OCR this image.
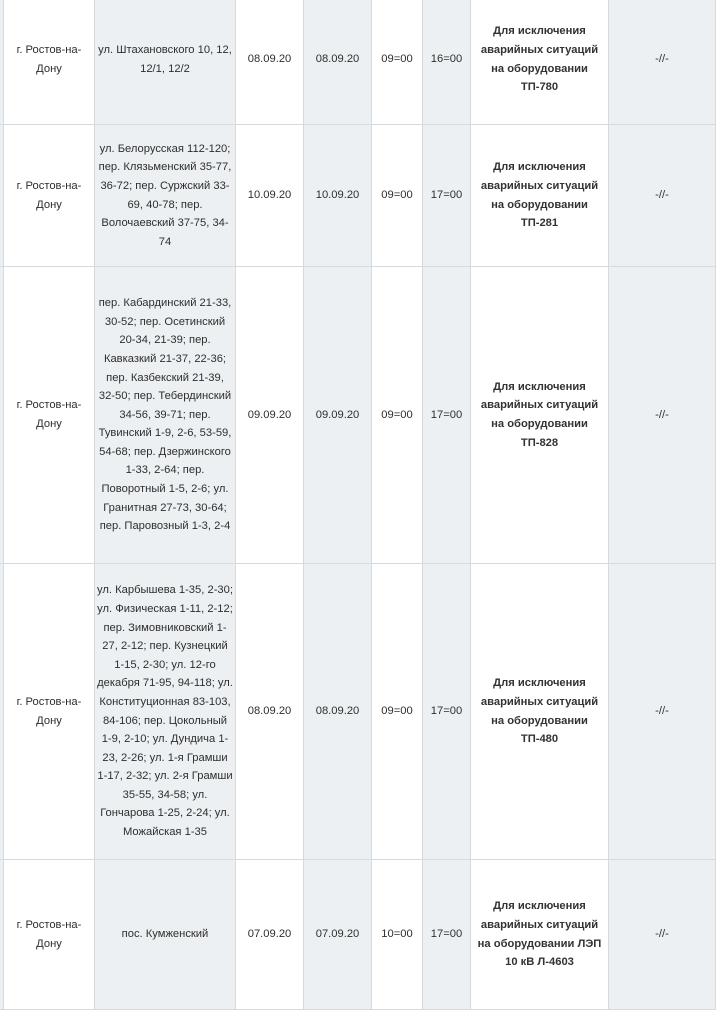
	г. Ростов-на-Дону	ул. Штахановского 10, 12, 12/1, 12/2	08.09.20	08.09.20	09=00	16=00	Для исключения аварийных ситуаций на оборудовании ТП-780	-//-
	г. Ростов-на-Дону	ул. Белорусская 112-120; пер. Клязьменский 35-77, 36-72; пер. Суржский 33-69, 40-78; пер. Волочаевский 37-75, 34-74	10.09.20	10.09.20	09=00	17=00	Для исключения аварийных ситуаций на оборудовании ТП-281	-//-
	г. Ростов-на-Дону	пер. Кабардинский 21-33, 30-52; пер. Осетинский 20-34, 21-39; пер. Кавказкий 21-37, 22-36; пер. Казбекский 21-39, 32-50; пер. Тебердинский 34-56, 39-71; пер. Тувинский 1-9, 2-6, 53-59, 54-68; пер. Дзержинского 1-33, 2-64; пер. Поворотный 1-5, 2-6; ул. Гранитная 27-73, 30-64; пер. Паровозный 1-3, 2-4	09.09.20	09.09.20	09=00	17=00	Для исключения аварийных ситуаций на оборудовании ТП-828	-//-
	г. Ростов-на-Дону	ул. Карбышева 1-35, 2-30; ул. Физическая 1-11, 2-12; пер. Зимовниковский 1-27, 2-12; пер. Кузнецкий 1-15, 2-30; ул. 12-го декабря 71-95, 94-118; ул. Конституционная 83-103, 84-106; пер. Цокольный 1-9, 2-10; ул. Дундича 1-23, 2-26; ул. 1-я Грамши 1-17, 2-32; ул. 2-я Грамши 35-55, 34-58; ул. Гончарова 1-25, 2-24; ул. Можайская 1-35	08.09.20	08.09.20	09=00	17=00	Для исключения аварийных ситуаций на оборудовании ТП-480	-//-
	г. Ростов-на-Дону	пос. Кумженский	07.09.20	07.09.20	10=00	17=00	Для исключения аварийных ситуаций на оборудовании ЛЭП 10 кВ Л-4603	-//-
